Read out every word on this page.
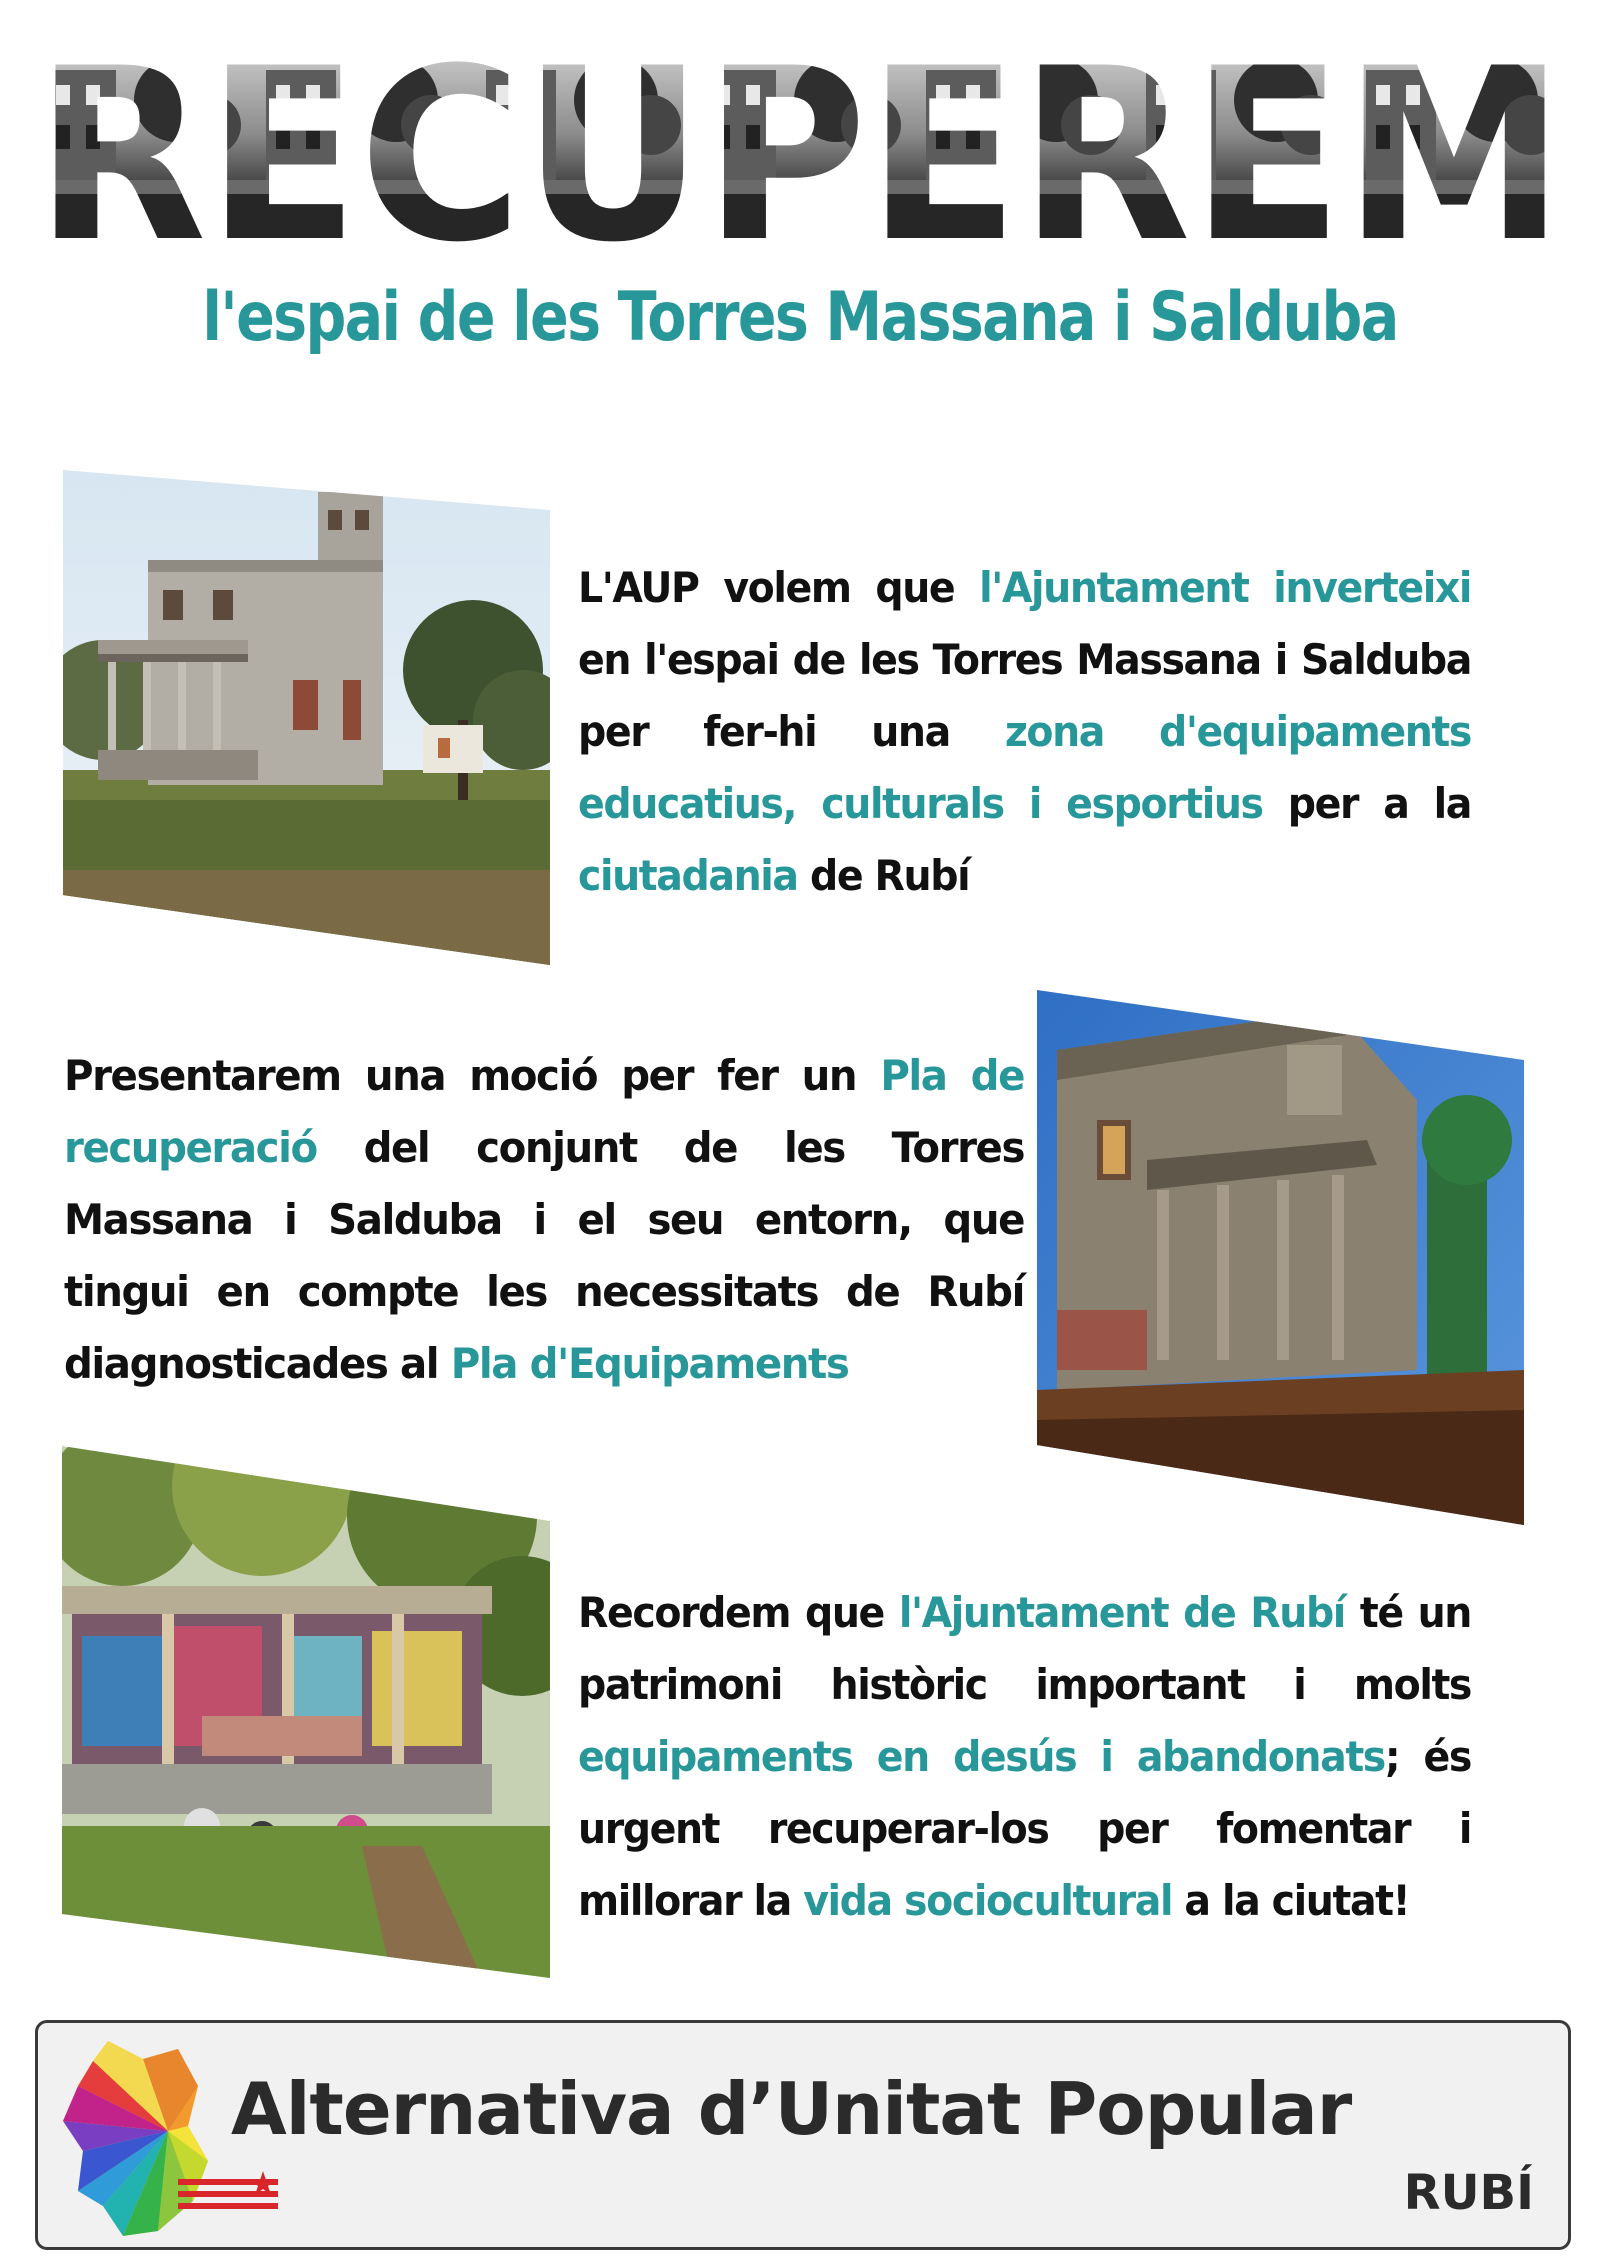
RECUPEREM
l'espai de les Torres Massana i Salduba
L'AUP volem que l'Ajuntament inverteixi en l'espai de les Torres Massana i Salduba per fer-hi una zona d'equipaments educatius, culturals i esportius per a la ciutadania de Rubí
Presentarem una moció per fer un Pla de recuperació del conjunt de les Torres Massana i Salduba i el seu entorn, que tingui en compte les necessitats de Rubí diagnosticades al Pla d'Equipaments
Recordem que l'Ajuntament de Rubí té un patrimoni històric important i molts equipaments en desús i abandonats; és urgent recuperar-los per fomentar i millorar la vida sociocultural a la ciutat!
Alternativa d’Unitat Popular
RUBÍ
